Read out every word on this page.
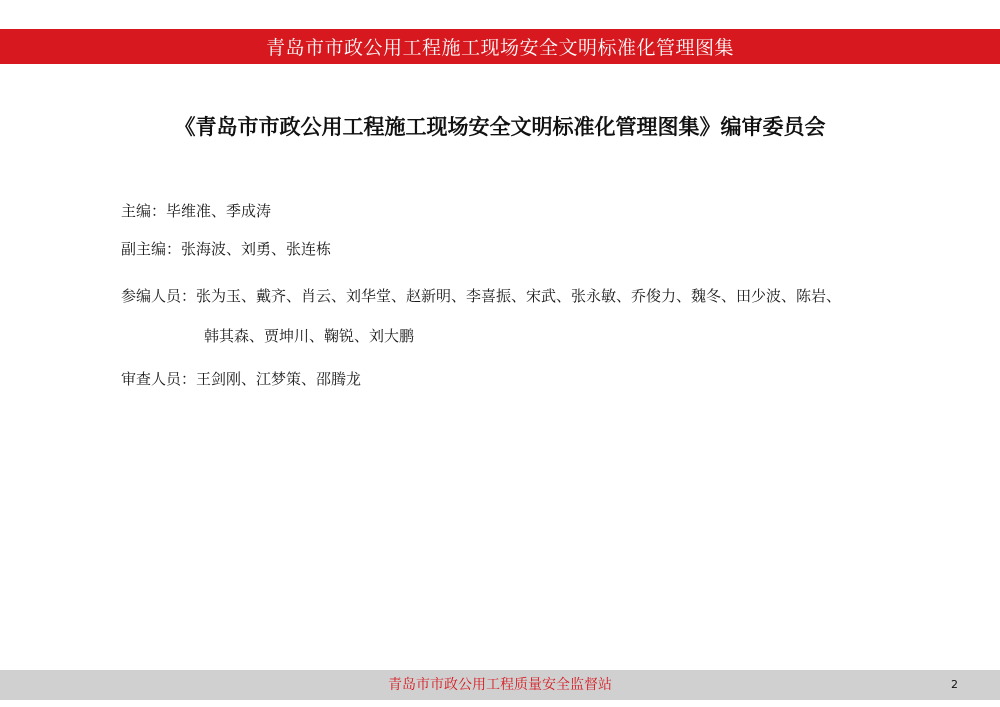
青岛市市政公用工程施工现场安全文明标准化管理图集
《青岛市市政公用工程施工现场安全文明标准化管理图集》编审委员会
主编：毕维准、季成涛
副主编：张海波、刘勇、张连栋
参编人员：张为玉、戴齐、肖云、刘华堂、赵新明、李喜振、宋武、张永敏、乔俊力、魏冬、田少波、陈岩、
韩其森、贾坤川、鞠锐、刘大鹏
审查人员：王剑刚、江梦策、邵腾龙
青岛市市政公用工程质量安全监督站	2
